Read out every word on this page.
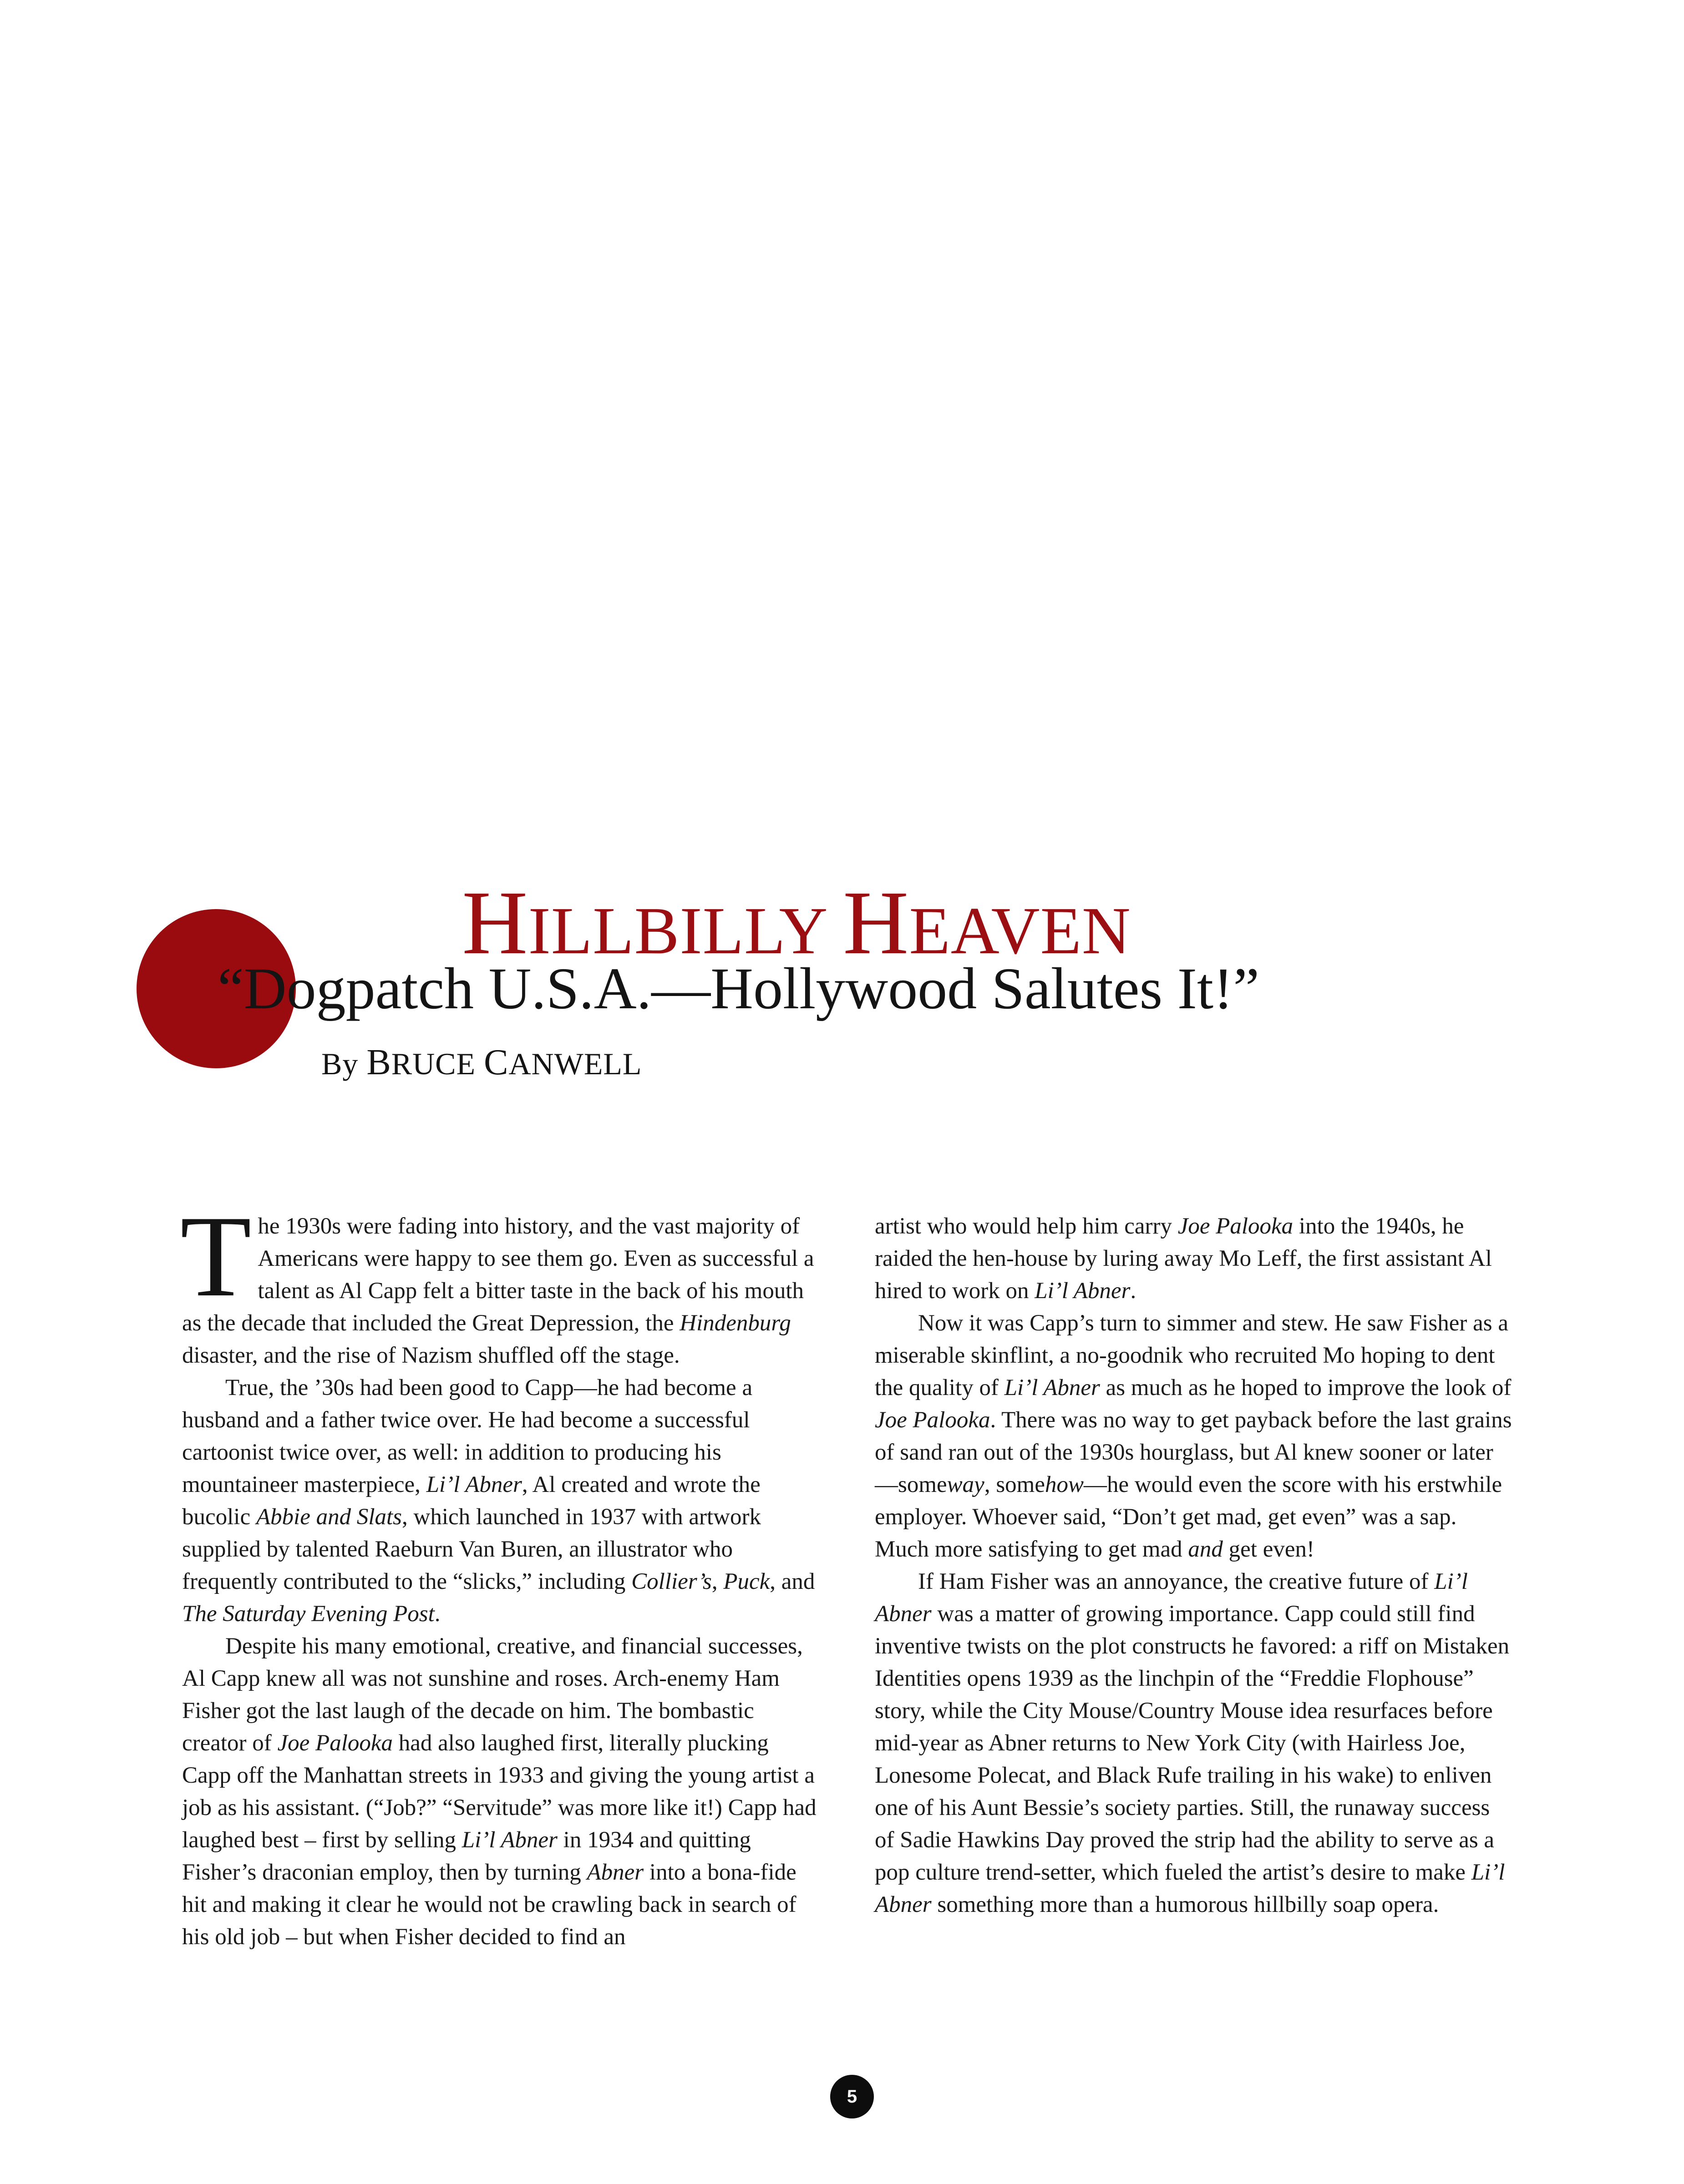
HILLBILLY HEAVEN
“Dogpatch U.S.A.—Hollywood Salutes It!”
By BRUCE CANWELL
T he 1930s were fading into history, and the vast majority of Americans were happy to see them go. Even as successful a talent as Al Capp felt a bitter taste in the back of his mouth as the decade that included the Great Depression, the Hindenburg disaster, and the rise of Nazism shuffled off the stage.

True, the ’30s had been good to Capp—he had become a husband and a father twice over. He had become a successful cartoonist twice over, as well: in addition to producing his mountaineer masterpiece, Li’l Abner, Al created and wrote the bucolic Abbie and Slats, which launched in 1937 with artwork supplied by talented Raeburn Van Buren, an illustrator who frequently contributed to the “slicks,” including Collier’s, Puck, and The Saturday Evening Post.

Despite his many emotional, creative, and financial successes, Al Capp knew all was not sunshine and roses. Arch-enemy Ham Fisher got the last laugh of the decade on him. The bombastic creator of Joe Palooka had also laughed first, literally plucking Capp off the Manhattan streets in 1933 and giving the young artist a job as his assistant. (“Job?” “Servitude” was more like it!) Capp had laughed best – first by selling Li’l Abner in 1934 and quitting Fisher’s draconian employ, then by turning Abner into a bona-fide hit and making it clear he would not be crawling back in search of his old job – but when Fisher decided to find an

artist who would help him carry Joe Palooka into the 1940s, he raided the hen-house by luring away Mo Leff, the first assistant Al hired to work on Li’l Abner.

Now it was Capp’s turn to simmer and stew. He saw Fisher as a miserable skinflint, a no-goodnik who recruited Mo hoping to dent the quality of Li’l Abner as much as he hoped to improve the look of Joe Palooka. There was no way to get payback before the last grains of sand ran out of the 1930s hourglass, but Al knew sooner or later—someway, somehow—he would even the score with his erstwhile employer. Whoever said, “Don’t get mad, get even” was a sap. Much more satisfying to get mad and get even!

If Ham Fisher was an annoyance, the creative future of Li’l Abner was a matter of growing importance. Capp could still find inventive twists on the plot constructs he favored: a riff on Mistaken Identities opens 1939 as the linchpin of the “Freddie Flophouse” story, while the City Mouse/Country Mouse idea resurfaces before mid-year as Abner returns to New York City (with Hairless Joe, Lonesome Polecat, and Black Rufe trailing in his wake) to enliven one of his Aunt Bessie’s society parties. Still, the runaway success of Sadie Hawkins Day proved the strip had the ability to serve as a pop culture trend-setter, which fueled the artist’s desire to make Li’l Abner something more than a humorous hillbilly soap opera.

5
